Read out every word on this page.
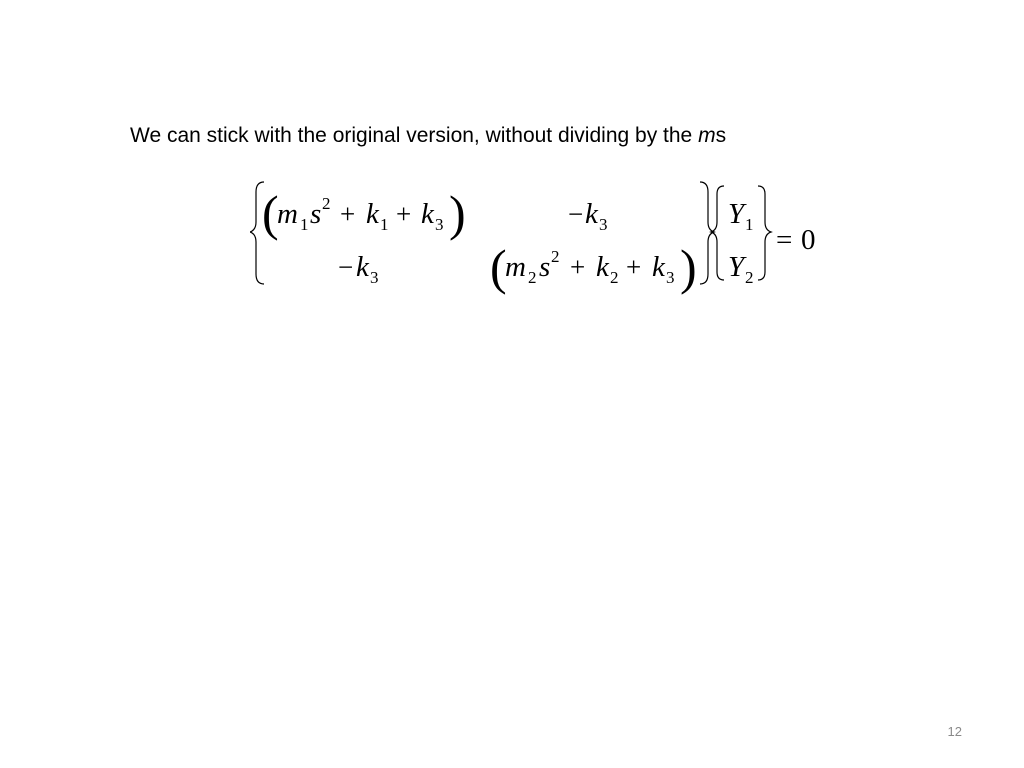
We can stick with the original version, without dividing by the ms
(
m 1 s 2 + k 1 + k 3 )	− k 3
− k 3 (
m 2 s 2 + k 2 + k 3 )
Y 1
Y 2
= 0
12
